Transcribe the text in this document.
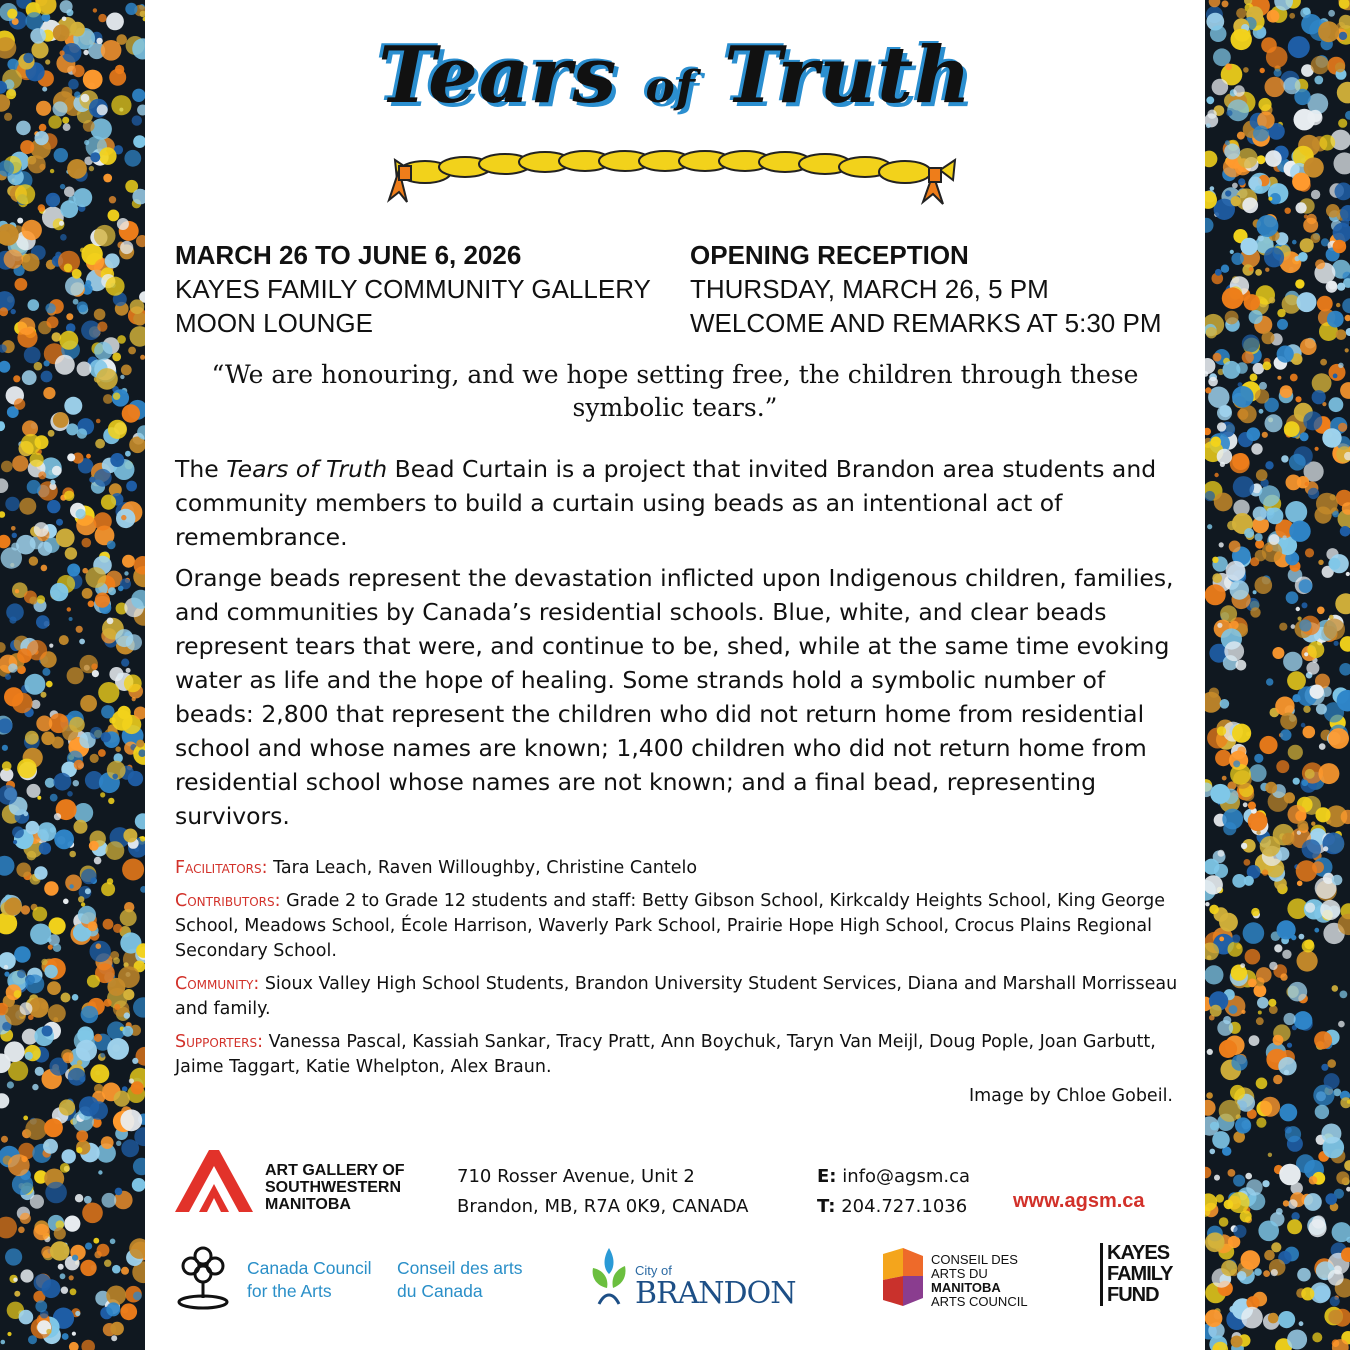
Tears of Truth
MARCH 26 TO JUNE 6, 2026
KAYES FAMILY COMMUNITY GALLERY
MOON LOUNGE
OPENING RECEPTION
THURSDAY, MARCH 26, 5 PM
WELCOME AND REMARKS AT 5:30 PM
“We are honouring, and we hope setting free, the children through these symbolic tears.”
The Tears of Truth Bead Curtain is a project that invited Brandon area students and community members to build a curtain using beads as an intentional act of remembrance.
Orange beads represent the devastation inflicted upon Indigenous children, families, and communities by Canada’s residential schools. Blue, white, and clear beads represent tears that were, and continue to be, shed, while at the same time evoking water as life and the hope of healing. Some strands hold a symbolic number of beads: 2,800 that represent the children who did not return home from residential school and whose names are known; 1,400 children who did not return home from residential school whose names are not known; and a final bead, representing survivors.
Facilitators: Tara Leach, Raven Willoughby, Christine Cantelo
Contributors: Grade 2 to Grade 12 students and staff: Betty Gibson School, Kirkcaldy Heights School, King George School, Meadows School, École Harrison, Waverly Park School, Prairie Hope High School, Crocus Plains Regional Secondary School.
Community: Sioux Valley High School Students, Brandon University Student Services, Diana and Marshall Morrisseau and family.
Supporters: Vanessa Pascal, Kassiah Sankar, Tracy Pratt, Ann Boychuk, Taryn Van Meijl, Doug Pople, Joan Garbutt, Jaime Taggart, Katie Whelpton, Alex Braun.
Image by Chloe Gobeil.
ART GALLERY OF
SOUTHWESTERN
MANITOBA
710 Rosser Avenue, Unit 2
Brandon, MB, R7A 0K9, CANADA
E: info@agsm.ca
T: 204.727.1036 www.agsm.ca
Canada Council
for the Arts
Conseil des arts
du Canada
City of
BRANDON
CONSEIL DES
ARTS DU
MANITOBA
ARTS COUNCIL
KAYES
FAMILY
FUND
